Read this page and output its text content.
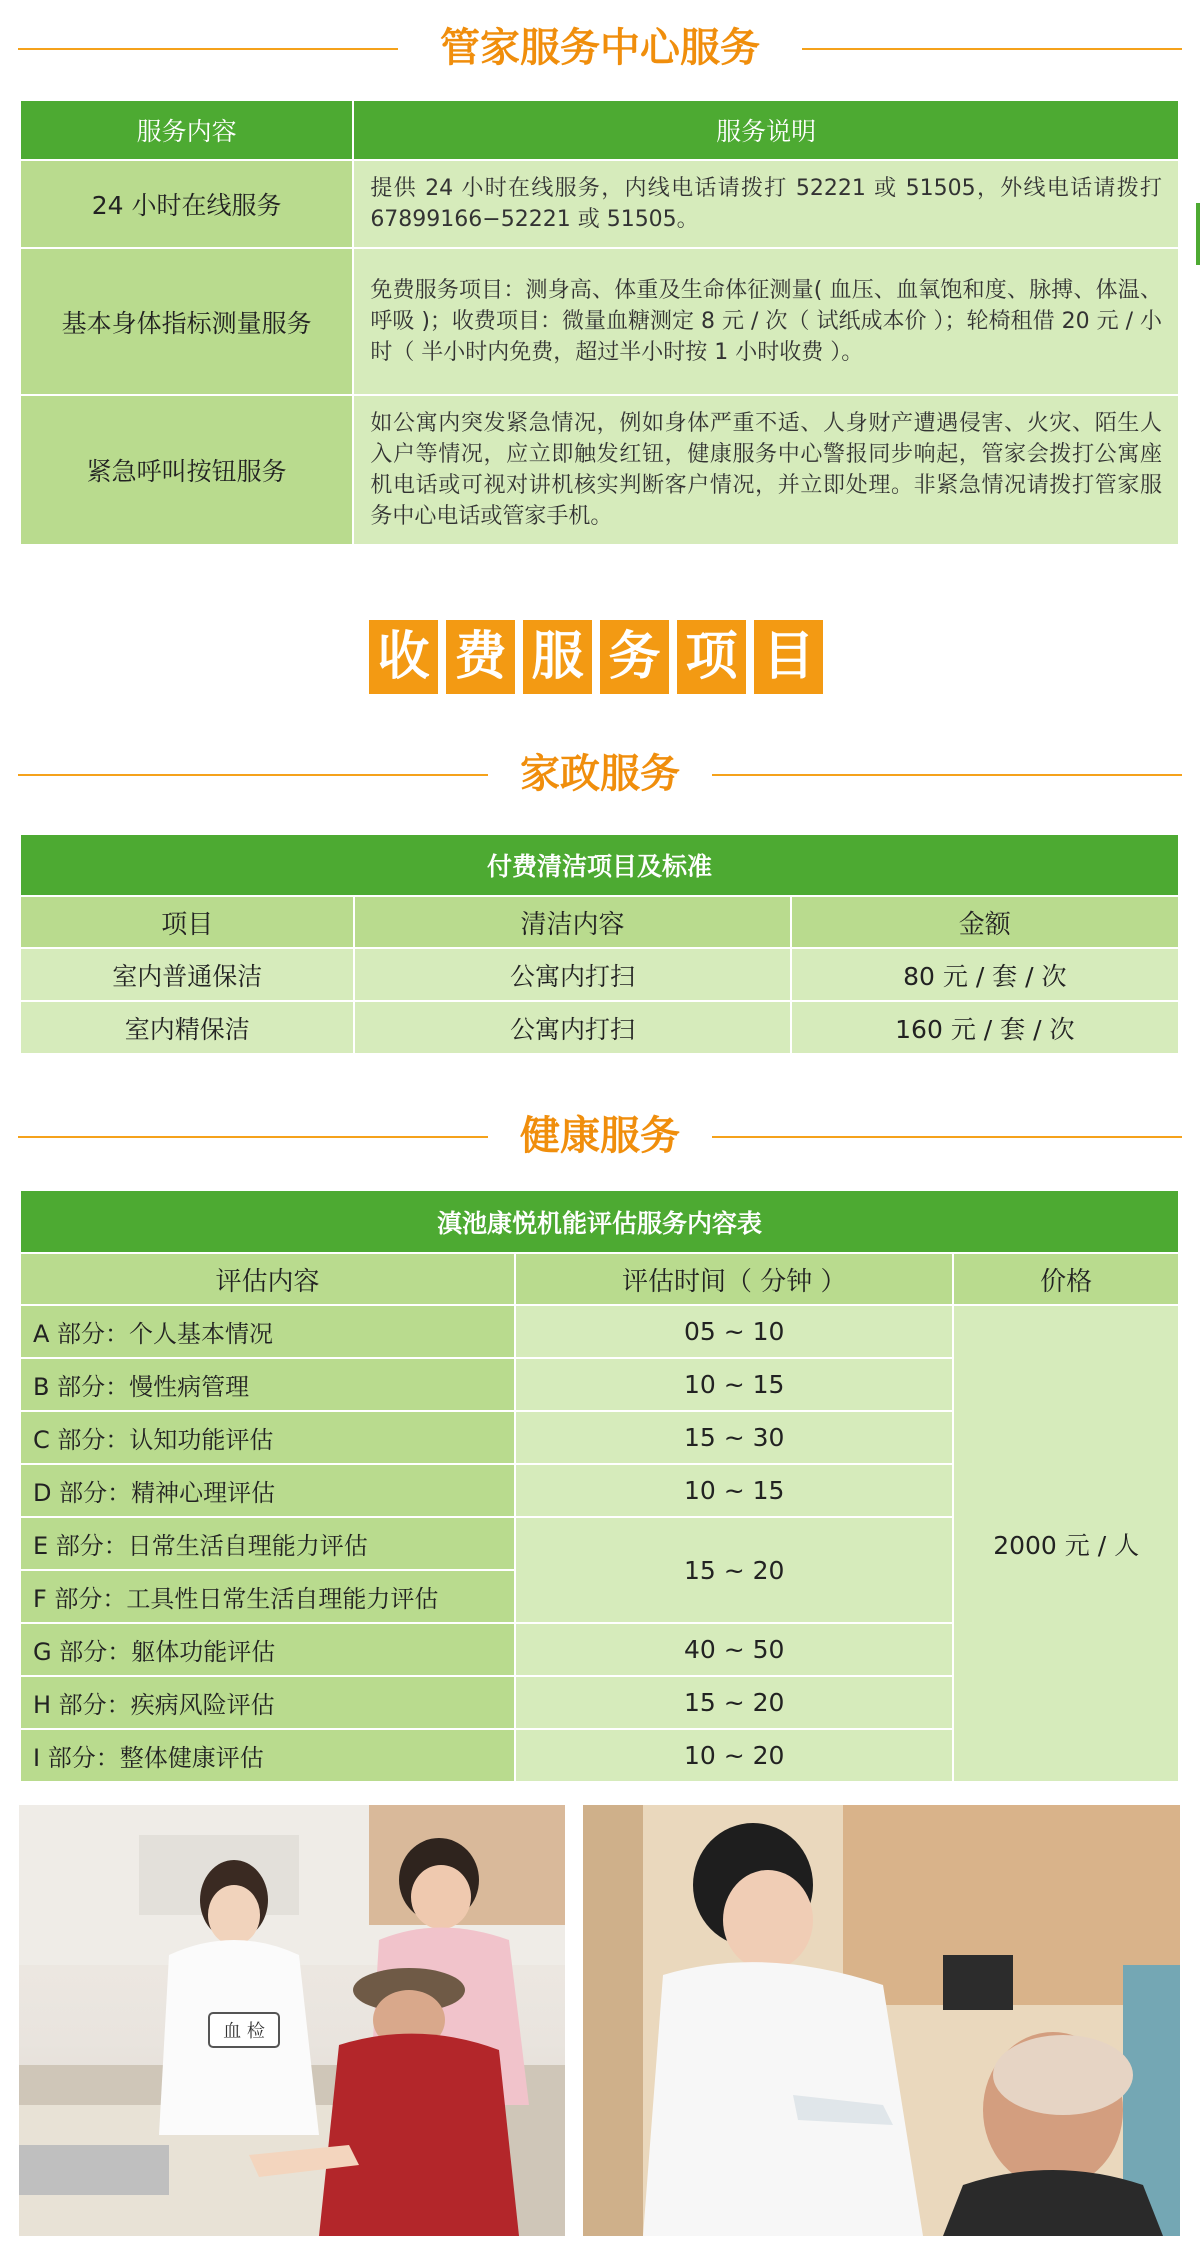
管家服务中心服务
服务内容	服务说明
24 小时在线服务	提供 24 小时在线服务，内线电话请拨打 52221 或 51505，外线电话请拨打 67899166−52221 或 51505。
基本身体指标测量服务	免费服务项目：测身高、体重及生命体征测量( 血压、血氧饱和度、脉搏、体温、呼吸 )；收费项目：微量血糖测定 8 元 / 次（ 试纸成本价 ）；轮椅租借 20 元 / 小时（ 半小时内免费，超过半小时按 1 小时收费 ）。
紧急呼叫按钮服务	如公寓内突发紧急情况，例如身体严重不适、人身财产遭遇侵害、火灾、陌生人入户等情况，应立即触发红钮，健康服务中心警报同步响起，管家会拨打公寓座机电话或可视对讲机核实判断客户情况，并立即处理。非紧急情况请拨打管家服务中心电话或管家手机。
收 费 服 务 项 目
家政服务
付费清洁项目及标准		
项目	清洁内容	金额
室内普通保洁	公寓内打扫	80 元 / 套 / 次
室内精保洁	公寓内打扫	160 元 / 套 / 次
健康服务
滇池康悦机能评估服务内容表		
评估内容	评估时间（ 分钟 ）	价格
A 部分：个人基本情况	05 ~ 10	2000 元 / 人
B 部分：慢性病管理	10 ~ 15	
C 部分：认知功能评估	15 ~ 30	
D 部分：精神心理评估	10 ~ 15	
E 部分：日常生活自理能力评估	15 ~ 20	
F 部分：工具性日常生活自理能力评估		
G 部分：躯体功能评估	40 ~ 50	
H 部分：疾病风险评估	15 ~ 20	
Ⅰ 部分：整体健康评估	10 ~ 20	
血 检
